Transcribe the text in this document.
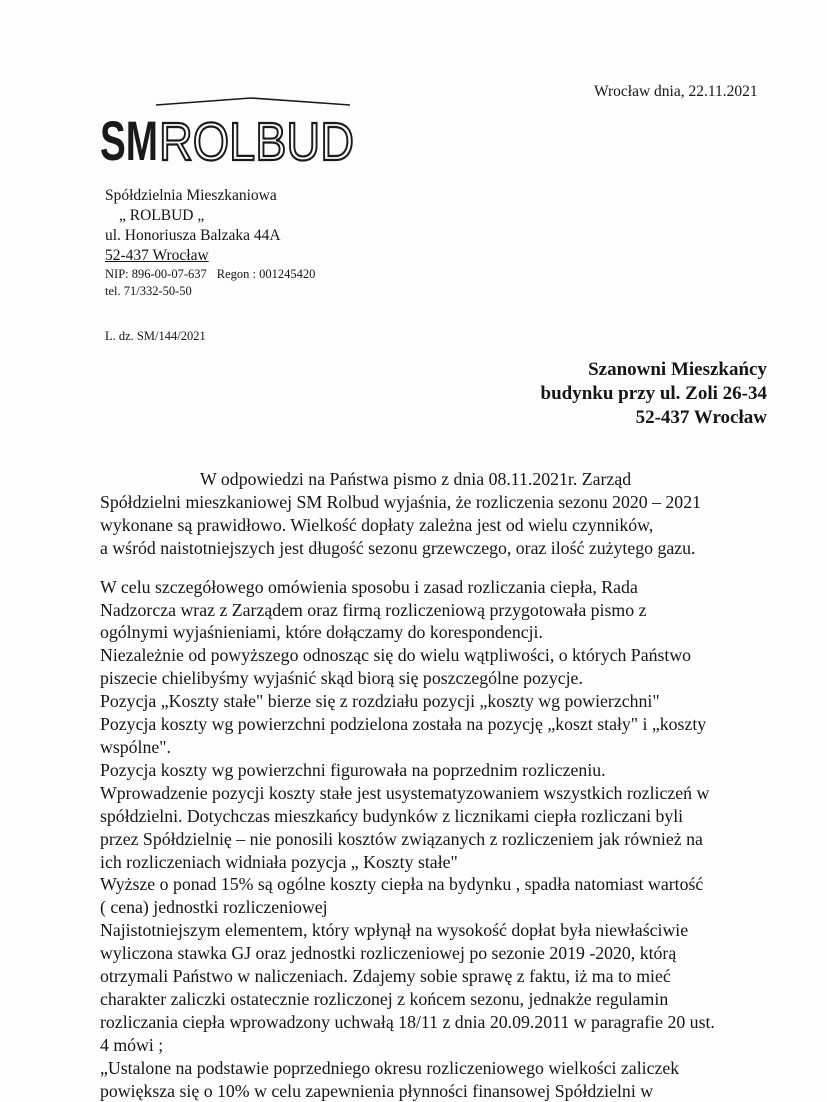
Wrocław dnia, 22.11.2021
SM ROLBUD
Spółdzielnia Mieszkaniowa
„ ROLBUD „
ul. Honoriusza Balzaka 44A
52-437 Wrocław
NIP: 896-00-07-637 Regon : 001245420
tel. 71/332-50-50
L. dz. SM/144/2021
Szanowni Mieszkańcy
budynku przy ul. Zoli 26-34
52-437 Wrocław

W odpowiedzi na Państwa pismo z dnia 08.11.2021r. Zarząd

Spółdzielni mieszkaniowej SM Rolbud wyjaśnia, że rozliczenia sezonu 2020 – 2021

wykonane są prawidłowo. Wielkość dopłaty zależna jest od wielu czynników,

a wśród naistotniejszych jest długość sezonu grzewczego, oraz ilość zużytego gazu.

W celu szczegółowego omówienia sposobu i zasad rozliczania ciepła, Rada

Nadzorcza wraz z Zarządem oraz firmą rozliczeniową przygotowała pismo z

ogólnymi wyjaśnieniami, które dołączamy do korespondencji.

Niezależnie od powyższego odnosząc się do wielu wątpliwości, o których Państwo

piszecie chielibyśmy wyjaśnić skąd biorą się poszczególne pozycje.

Pozycja „Koszty stałe" bierze się z rozdziału pozycji „koszty wg powierzchni"

Pozycja koszty wg powierzchni podzielona została na pozycję „koszt stały" i „koszty

wspólne".

Pozycja koszty wg powierzchni figurowała na poprzednim rozliczeniu.

Wprowadzenie pozycji koszty stałe jest usystematyzowaniem wszystkich rozliczeń w

spółdzielni. Dotychczas mieszkańcy budynków z licznikami ciepła rozliczani byli

przez Spółdzielnię – nie ponosili kosztów związanych z rozliczeniem jak również na

ich rozliczeniach widniała pozycja „ Koszty stałe"

Wyższe o ponad 15% są ogólne koszty ciepła na bydynku , spadła natomiast wartość

( cena) jednostki rozliczeniowej

Najistotniejszym elementem, który wpłynął na wysokość dopłat była niewłaściwie

wyliczona stawka GJ oraz jednostki rozliczeniowej po sezonie 2019 -2020, którą

otrzymali Państwo w naliczeniach. Zdajemy sobie sprawę z faktu, iż ma to mieć

charakter zaliczki ostatecznie rozliczonej z końcem sezonu, jednakże regulamin

rozliczania ciepła wprowadzony uchwałą 18/11 z dnia 20.09.2011 w paragrafie 20 ust.

4 mówi ;

„Ustalone na podstawie poprzedniego okresu rozliczeniowego wielkości zaliczek

powiększa się o 10% w celu zapewnienia płynności finansowej Spółdzielni w
